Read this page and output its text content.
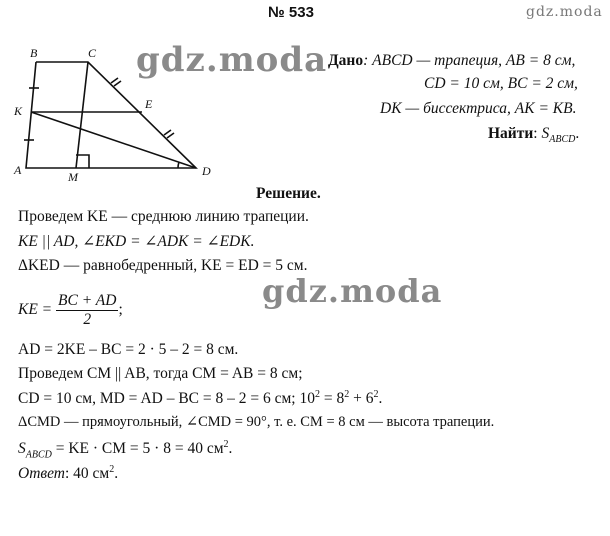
№ 533	gdz.moda
gdz.moda
gdz.moda
B	C
K	E
A	M	D
Дано: ABCD — трапеция, AB = 8 см,
CD = 10 см, BC = 2 см,
DK — биссектриса, AK = KB.
Найти: $S_{ABCD}$.
Решение.
Проведем KE — среднюю линию трапеции.
KE || AD, ∠EKD = ∠ADK = ∠EDK.
ΔKED — равнобедренный, KE = ED = 5 см.
KE = $\frac{BC + AD}{2}$ ;
AD = 2KE – BC = 2 · 5 – 2 = 8 см.
Проведем CM || AB, тогда CM = AB = 8 см;
CD = 10 см, MD = AD – BC = 8 – 2 = 6 см; $10^2 = 8^2 + 6^2$.
ΔCMD — прямоугольный, ∠CMD = 90°, т. е. CM = 8 см — высота трапеции.
$S_{ABCD}$ = KE · CM = 5 · 8 = 40 $см^2$.
Ответ: 40 $см^2$.
